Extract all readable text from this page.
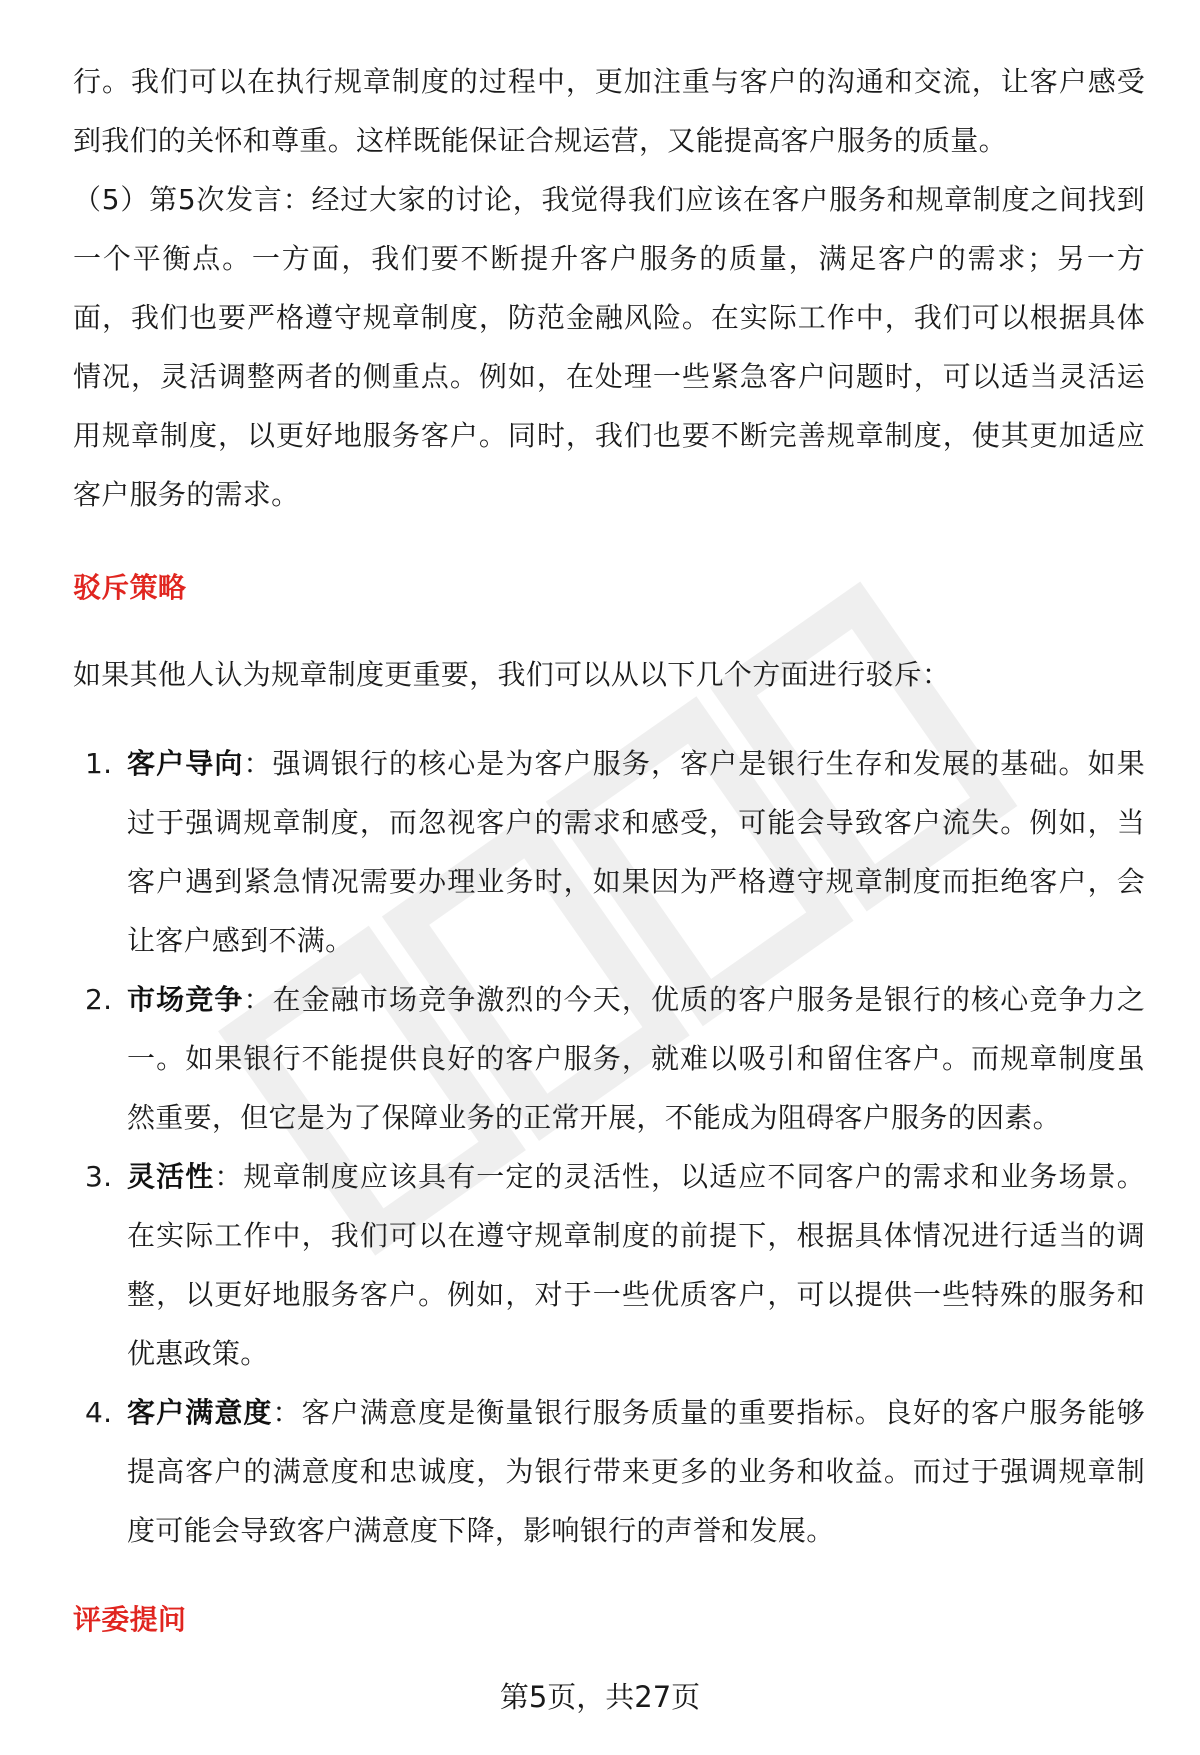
行。我们可以在执行规章制度的过程中，更加注重与客户的沟通和交流，让客户感受到我们的关怀和尊重。这样既能保证合规运营，又能提高客户服务的质量。

（5）第5次发言：经过大家的讨论，我觉得我们应该在客户服务和规章制度之间找到一个平衡点。一方面，我们要不断提升客户服务的质量，满足客户的需求；另一方面，我们也要严格遵守规章制度，防范金融风险。在实际工作中，我们可以根据具体情况，灵活调整两者的侧重点。例如，在处理一些紧急客户问题时，可以适当灵活运用规章制度，以更好地服务客户。同时，我们也要不断完善规章制度，使其更加适应客户服务的需求。

驳斥策略

如果其他人认为规章制度更重要，我们可以从以下几个方面进行驳斥：

1. 客户导向：强调银行的核心是为客户服务，客户是银行生存和发展的基础。如果过于强调规章制度，而忽视客户的需求和感受，可能会导致客户流失。例如，当客户遇到紧急情况需要办理业务时，如果因为严格遵守规章制度而拒绝客户，会让客户感到不满。
2. 市场竞争：在金融市场竞争激烈的今天，优质的客户服务是银行的核心竞争力之一。如果银行不能提供良好的客户服务，就难以吸引和留住客户。而规章制度虽然重要，但它是为了保障业务的正常开展，不能成为阻碍客户服务的因素。
3. 灵活性：规章制度应该具有一定的灵活性，以适应不同客户的需求和业务场景。在实际工作中，我们可以在遵守规章制度的前提下，根据具体情况进行适当的调整，以更好地服务客户。例如，对于一些优质客户，可以提供一些特殊的服务和优惠政策。
4. 客户满意度：客户满意度是衡量银行服务质量的重要指标。良好的客户服务能够提高客户的满意度和忠诚度，为银行带来更多的业务和收益。而过于强调规章制度可能会导致客户满意度下降，影响银行的声誉和发展。
评委提问
第5页，共27页
